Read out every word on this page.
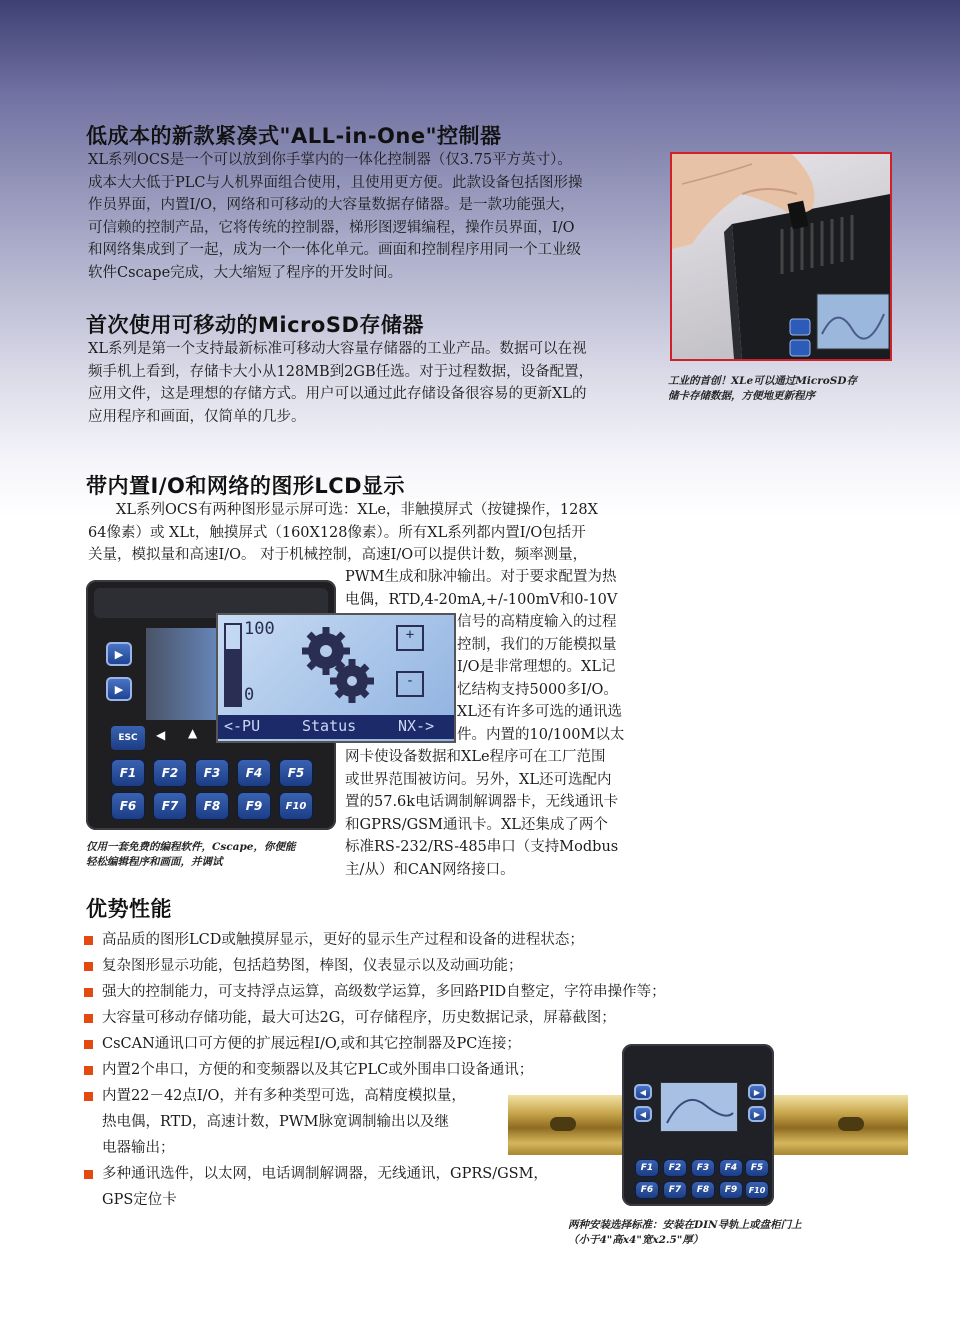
低成本的新款紧凑式"ALL-in-One"控制器
XL系列OCS是一个可以放到你手掌内的一体化控制器（仅3.75平方英寸）。
成本大大低于PLC与人机界面组合使用，且使用更方便。此款设备包括图形操
作员界面，内置I/O，网络和可移动的大容量数据存储器。是一款功能强大，
可信赖的控制产品，它将传统的控制器，梯形图逻辑编程，操作员界面，I/O
和网络集成到了一起，成为一个一体化单元。画面和控制程序用同一个工业级
软件Cscape完成，大大缩短了程序的开发时间。
工业的首创！XLe可以通过MicroSD存
储卡存储数据，方便地更新程序
首次使用可移动的MicroSD存储器
XL系列是第一个支持最新标准可移动大容量存储器的工业产品。数据可以在视
频手机上看到，存储卡大小从128MB到2GB任选。对于过程数据，设备配置，
应用文件，这是理想的存储方式。用户可以通过此存储设备很容易的更新XL的
应用程序和画面，仅简单的几步。
带内置I/O和网络的图形LCD显示
XL系列OCS有两种图形显示屏可选：XLe，非触摸屏式（按键操作，128X
64像素）或 XLt，触摸屏式（160X128像素）。所有XL系列都内置I/O包括开
关量，模拟量和高速I/O。 对于机械控制，高速I/O可以提供计数，频率测量，
PWM生成和脉冲输出。对于要求配置为热
电偶，RTD,4-20mA,+/-100mV和0-10V
信号的高精度输入的过程
控制，我们的万能模拟量
I/O是非常理想的。XL记
忆结构支持5000多I/O。
XL还有许多可选的通讯选
件。内置的10/100M以太
网卡使设备数据和XLe程序可在工厂范围
或世界范围被访问。另外，XL还可选配内
置的57.6k电话调制解调器卡，无线通讯卡
和GPRS/GSM通讯卡。XL还集成了两个
标准RS-232/RS-485串口（支持Modbus
主/从）和CAN网络接口。
▶
▶
ESC	◀ ▲
F1	F2	F3	F4	F5
F6	F7	F8	F9	F10
100
0
+
-
<-PU	Status	NX->
仅用一套免费的编程软件，Cscape，你便能
轻松编辑程序和画面，并调试
优势性能
高品质的图形LCD或触摸屏显示，更好的显示生产过程和设备的进程状态；
复杂图形显示功能，包括趋势图，棒图，仪表显示以及动画功能；
强大的控制能力，可支持浮点运算，高级数学运算，多回路PID自整定，字符串操作等；
大容量可移动存储功能，最大可达2G，可存储程序，历史数据记录，屏幕截图；
CsCAN通讯口可方便的扩展远程I/O,或和其它控制器及PC连接；
内置2个串口，方便的和变频器以及其它PLC或外围串口设备通讯；
内置22－42点I/O，并有多种类型可选，高精度模拟量，
热电偶，RTD，高速计数，PWM脉宽调制输出以及继
电器输出；
多种通讯选件，以太网，电话调制解调器，无线通讯，GPRS/GSM，
GPS定位卡
◀
◀
▶
▶
F1	F2	F3	F4	F5
F6	F7	F8	F9	F10
两种安装选择标准：安装在DIN导轨上或盘柜门上
（小于4"高x4"宽x2.5"厚）
